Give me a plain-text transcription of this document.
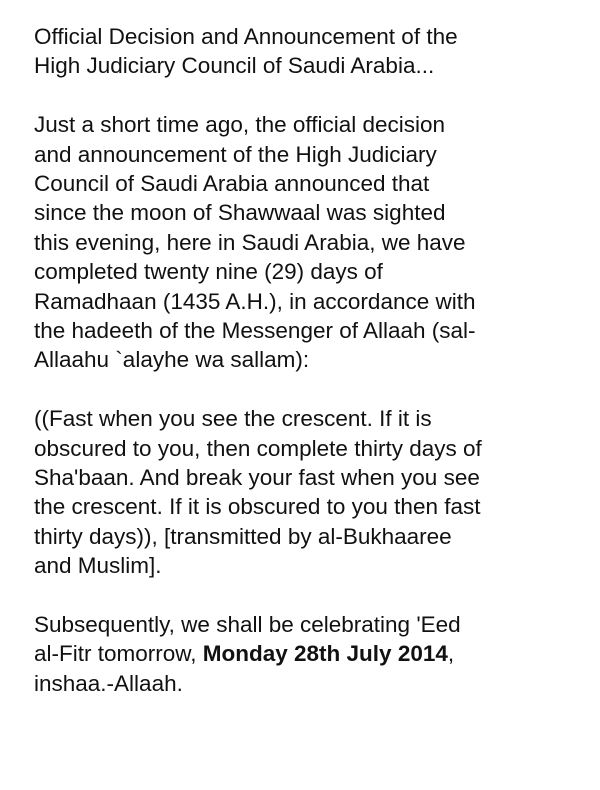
Official Decision and Announcement of the
High Judiciary Council of Saudi Arabia...

Just a short time ago, the official decision
and announcement of the High Judiciary
Council of Saudi Arabia announced that
since the moon of Shawwaal was sighted
this evening, here in Saudi Arabia, we have
completed twenty nine (29) days of
Ramadhaan (1435 A.H.), in accordance with
the hadeeth of the Messenger of Allaah (sal-
Allaahu `alayhe wa sallam):

((Fast when you see the crescent. If it is
obscured to you, then complete thirty days of
Sha'baan. And break your fast when you see
the crescent. If it is obscured to you then fast
thirty days)), [transmitted by al-Bukhaaree
and Muslim].

Subsequently, we shall be celebrating 'Eed
al-Fitr tomorrow, Monday 28th July 2014,
inshaa.-Allaah.
